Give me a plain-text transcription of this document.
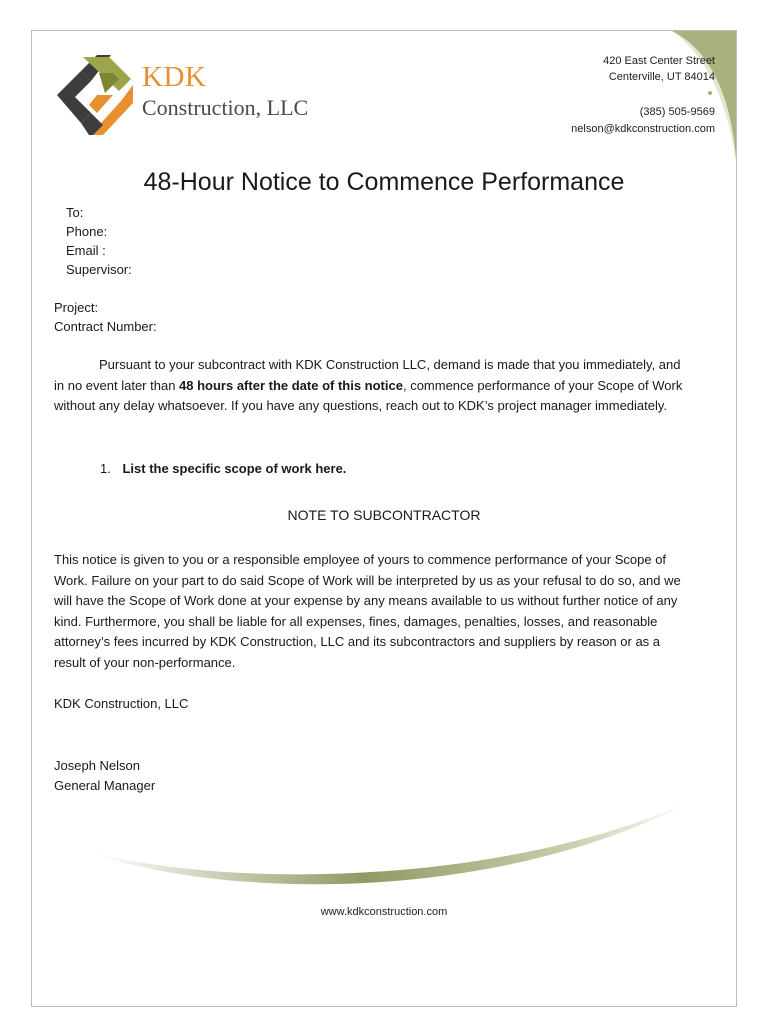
KDK
Construction, LLC
420 East Center Street
Centerville, UT 84014
(385) 505-9569
nelson@kdkconstruction.com
48-Hour Notice to Commence Performance
To:
Phone:
Email :
Supervisor:
Project:
Contract Number:
Pursuant to your subcontract with KDK Construction LLC, demand is made that you immediately, and in no event later than 48 hours after the date of this notice, commence performance of your Scope of Work without any delay whatsoever. If you have any questions, reach out to KDK’s project manager immediately.
1. List the specific scope of work here.
NOTE TO SUBCONTRACTOR
This notice is given to you or a responsible employee of yours to commence performance of your Scope of Work. Failure on your part to do said Scope of Work will be interpreted by us as your refusal to do so, and we will have the Scope of Work done at your expense by any means available to us without further notice of any kind. Furthermore, you shall be liable for all expenses, fines, damages, penalties, losses, and reasonable attorney’s fees incurred by KDK Construction, LLC and its subcontractors and suppliers by reason or as a result of your non-performance.
KDK Construction, LLC
Joseph Nelson
General Manager
www.kdkconstruction.com
